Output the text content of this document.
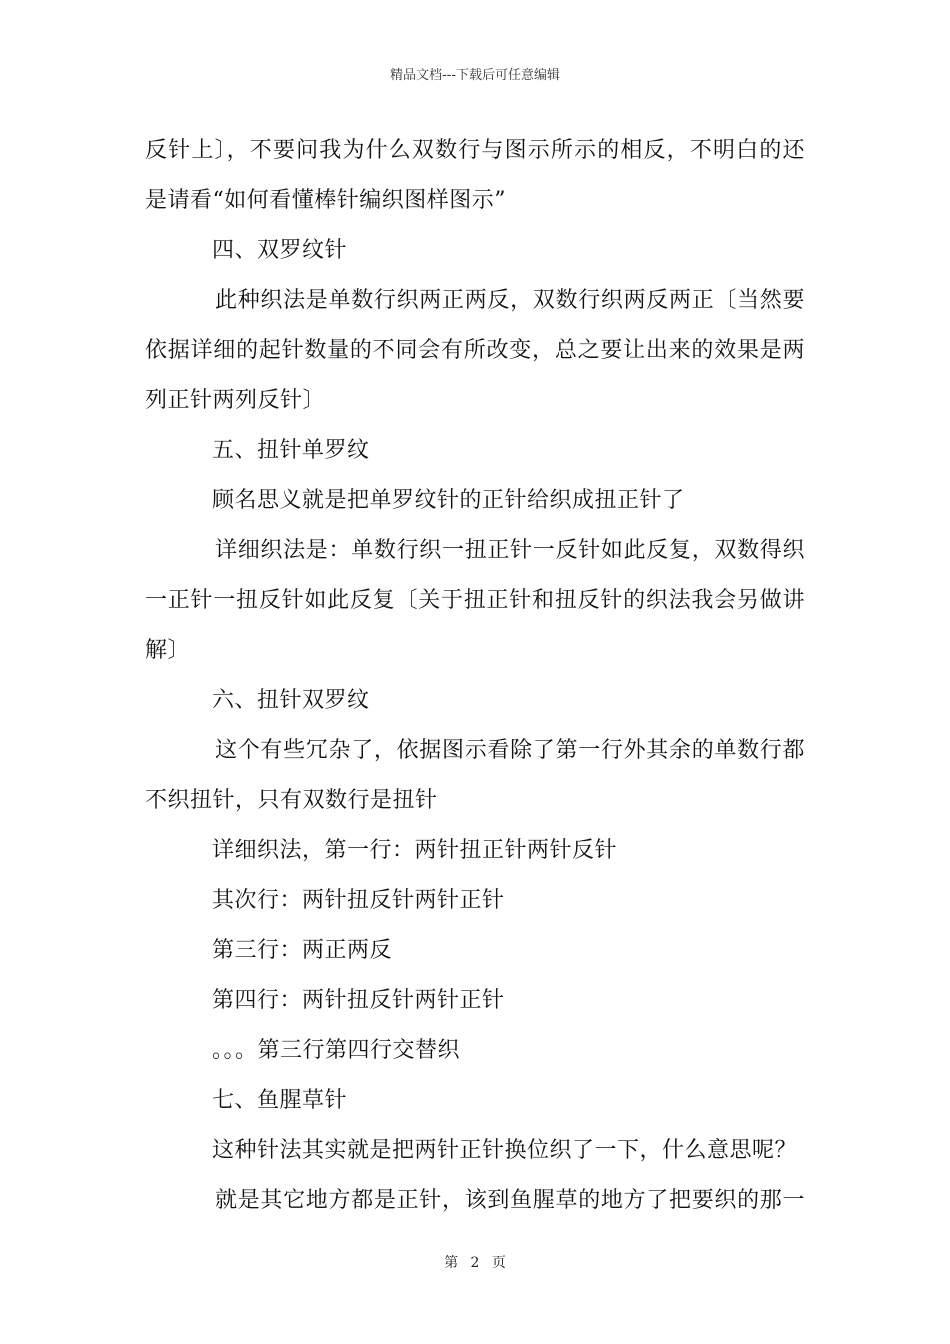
精品文档---下载后可任意编辑
反针上〕，不要问我为什么双数行与图示所示的相反，不明白的还
是请看“如何看懂棒针编织图样图示”
四、双罗纹针
此种织法是单数行织两正两反，双数行织两反两正〔当然要
依据详细的起针数量的不同会有所改变，总之要让出来的效果是两
列正针两列反针〕
五、扭针单罗纹
顾名思义就是把单罗纹针的正针给织成扭正针了
详细织法是：单数行织一扭正针一反针如此反复，双数得织
一正针一扭反针如此反复〔关于扭正针和扭反针的织法我会另做讲
解〕
六、扭针双罗纹
这个有些冗杂了，依据图示看除了第一行外其余的单数行都
不织扭针，只有双数行是扭针
详细织法，第一行：两针扭正针两针反针
其次行：两针扭反针两针正针
第三行：两正两反
第四行：两针扭反针两针正针
。。。第三行第四行交替织
七、鱼腥草针
这种针法其实就是把两针正针换位织了一下，什么意思呢？
就是其它地方都是正针，该到鱼腥草的地方了把要织的那一
第 2 页
